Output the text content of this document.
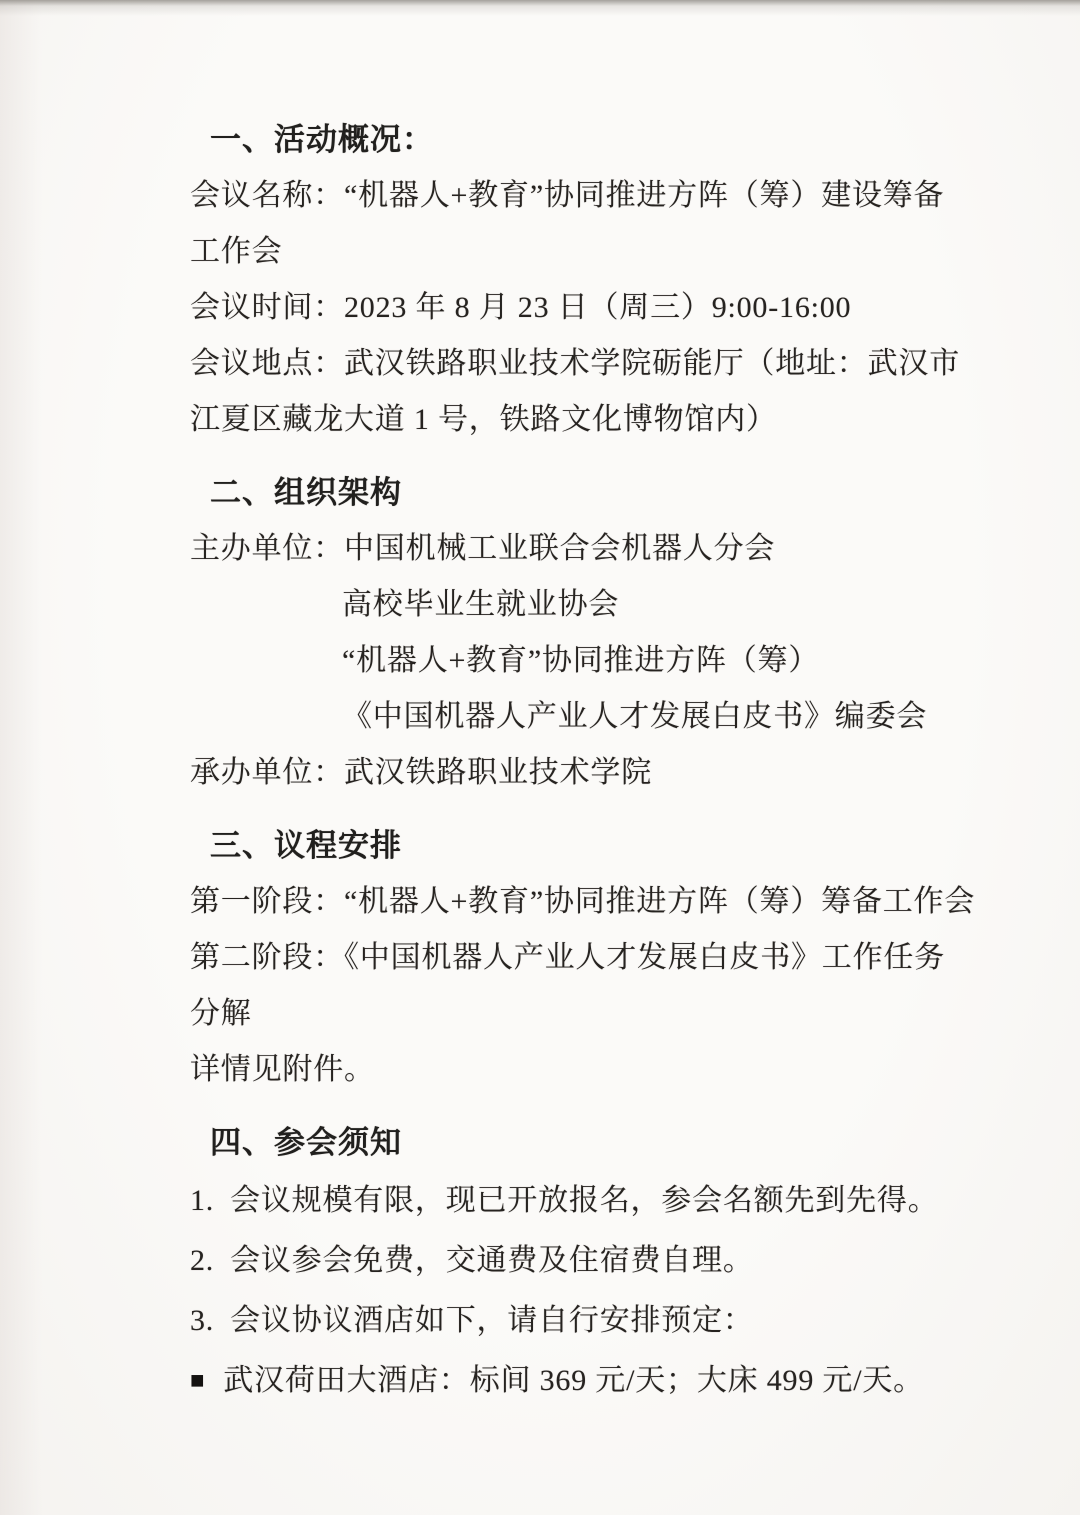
一、活动概况：
会议名称：“机器人+教育”协同推进方阵（筹）建设筹备
工作会
会议时间：2023 年 8 月 23 日（周三）9:00-16:00
会议地点：武汉铁路职业技术学院砺能厅（地址：武汉市
江夏区藏龙大道 1 号，铁路文化博物馆内）
二、组织架构
主办单位：中国机械工业联合会机器人分会
高校毕业生就业协会
“机器人+教育”协同推进方阵（筹）
《中国机器人产业人才发展白皮书》编委会
承办单位：武汉铁路职业技术学院
三、议程安排
第一阶段：“机器人+教育”协同推进方阵（筹）筹备工作会
第二阶段：《中国机器人产业人才发展白皮书》工作任务
分解
详情见附件。
四、参会须知
1. 会议规模有限，现已开放报名，参会名额先到先得。
2. 会议参会免费，交通费及住宿费自理。
3. 会议协议酒店如下，请自行安排预定：
■ 武汉荷田大酒店：标间 369 元/天；大床 499 元/天。
